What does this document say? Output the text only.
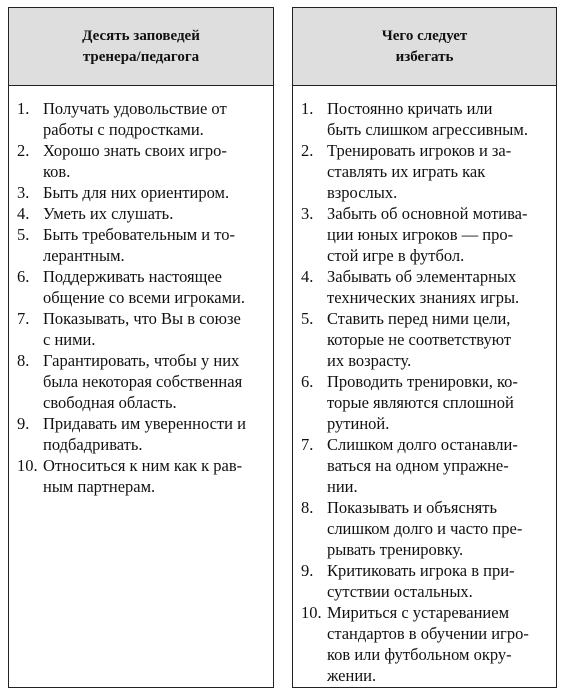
Десять заповедей
тренера/педагога
1. Получать удовольствие от
работы с подростками.
2. Хорошо знать своих игро-
ков.
3. Быть для них ориентиром.
4. Уметь их слушать.
5. Быть требовательным и то-
лерантным.
6. Поддерживать настоящее
общение со всеми игроками.
7. Показывать, что Вы в союзе
с ними.
8. Гарантировать, чтобы у них
была некоторая собственная
свободная область.
9. Придавать им уверенности и
подбадривать.
10. Относиться к ним как к рав-
ным партнерам.
Чего следует
избегать
1. Постоянно кричать или
быть слишком агрессивным.
2. Тренировать игроков и за-
ставлять их играть как
взрослых.
3. Забыть об основной мотива-
ции юных игроков — про-
стой игре в футбол.
4. Забывать об элементарных
технических знаниях игры.
5. Ставить перед ними цели,
которые не соответствуют
их возрасту.
6. Проводить тренировки, ко-
торые являются сплошной
рутиной.
7. Слишком долго останавли-
ваться на одном упражне-
нии.
8. Показывать и объяснять
слишком долго и часто пре-
рывать тренировку.
9. Критиковать игрока в при-
сутствии остальных.
10. Мириться с устареванием
стандартов в обучении игро-
ков или футбольном окру-
жении.
